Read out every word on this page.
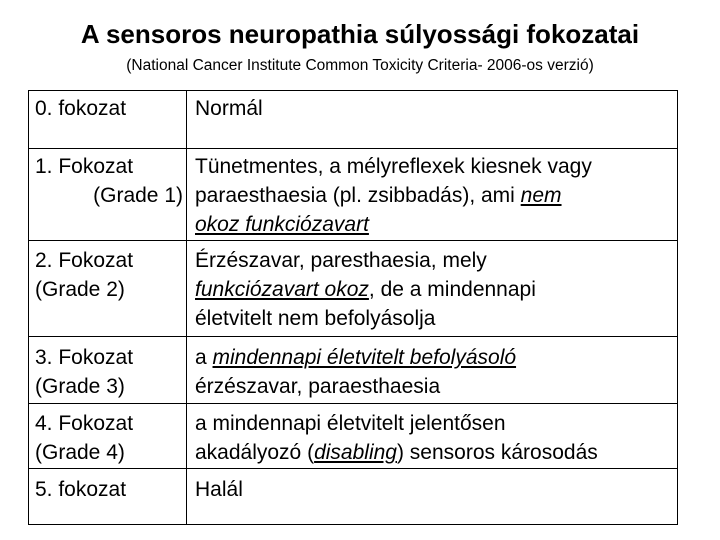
A sensoros neuropathia súlyossági fokozatai
(National Cancer Institute Common Toxicity Criteria- 2006-os verzió)
0. fokozat	Normál
1. Fokozat
(Grade 1)
Tünetmentes, a mélyreflexek kiesnek vagy
paraesthaesia (pl. zsibbadás), ami nem
okoz funkciózavart
2. Fokozat
(Grade 2)
Érzészavar, paresthaesia, mely
funkciózavart okoz, de a mindennapi
életvitelt nem befolyásolja
3. Fokozat
(Grade 3)
a mindennapi életvitelt befolyásoló
érzészavar, paraesthaesia
4. Fokozat
(Grade 4)
a mindennapi életvitelt jelentősen
akadályozó (disabling) sensoros károsodás
5. fokozat	Halál
